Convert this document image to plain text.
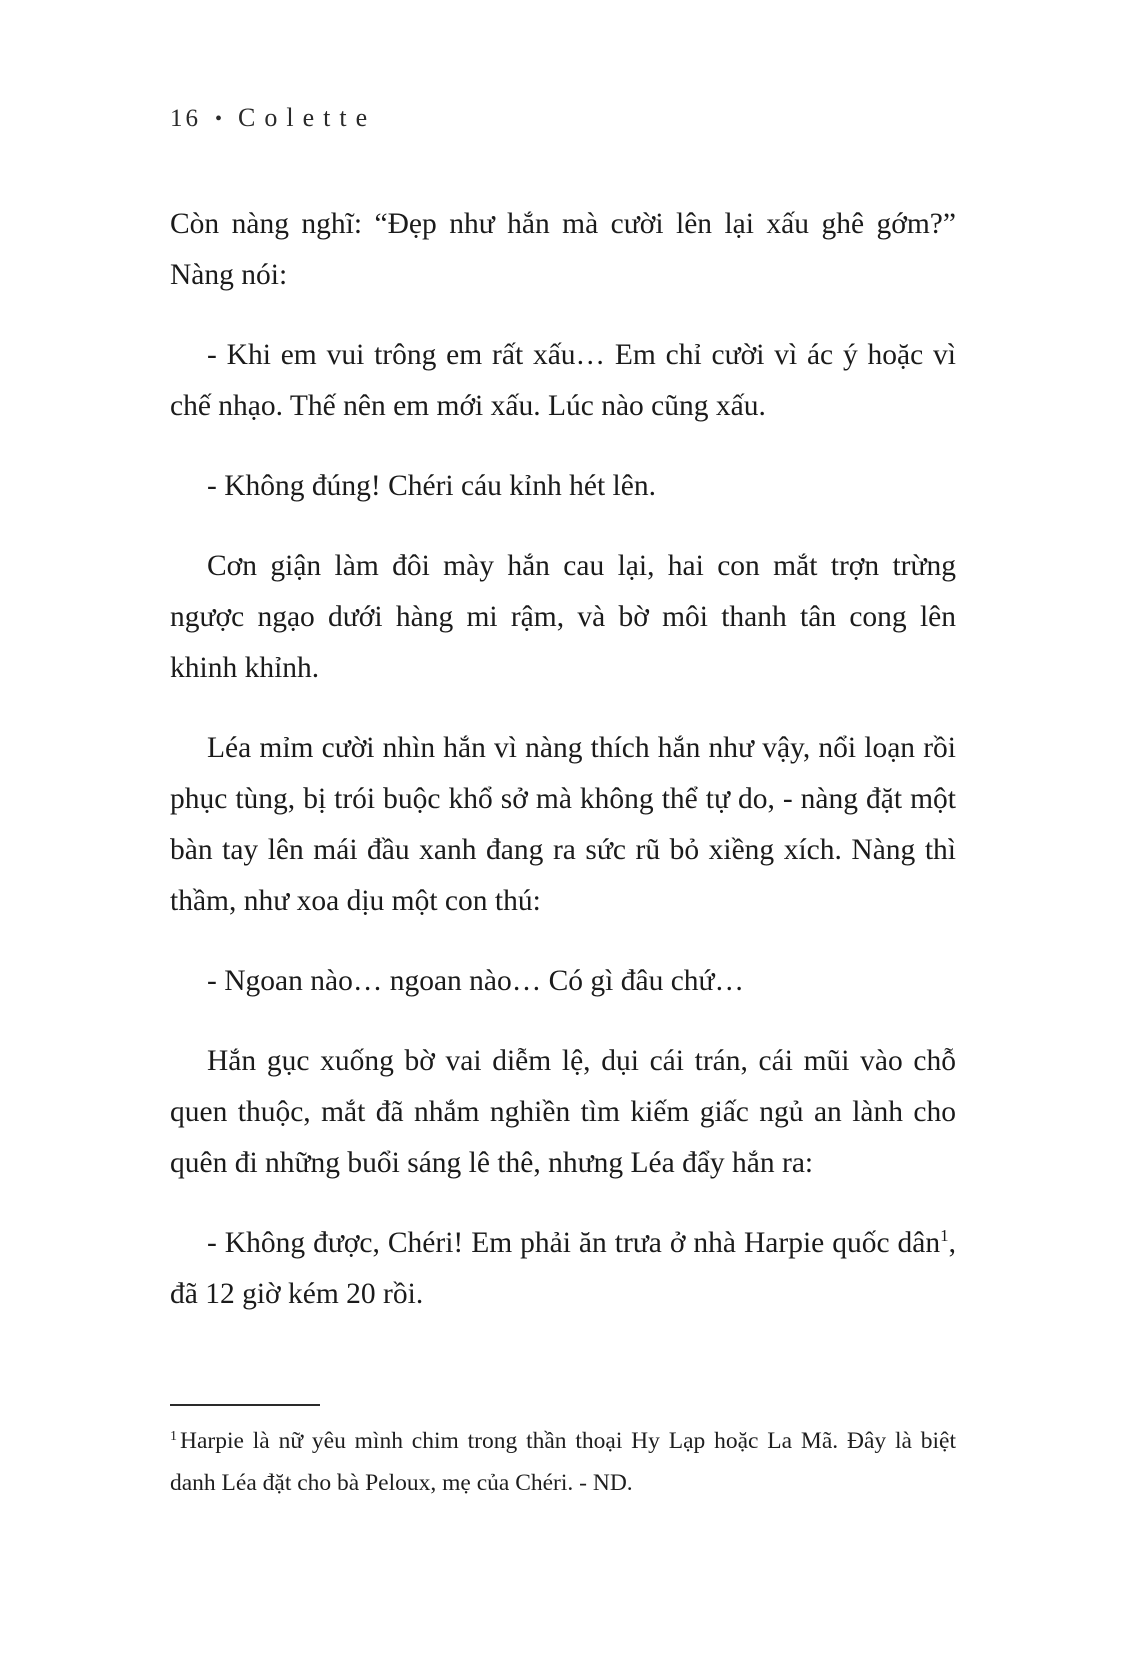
16 • Colette

Còn nàng nghĩ: “Đẹp như hắn mà cười lên lại xấu ghê gớm?” Nàng nói:

- Khi em vui trông em rất xấu… Em chỉ cười vì ác ý hoặc vì chế nhạo. Thế nên em mới xấu. Lúc nào cũng xấu.

- Không đúng! Chéri cáu kỉnh hét lên.

Cơn giận làm đôi mày hắn cau lại, hai con mắt trợn trừng ngược ngạo dưới hàng mi rậm, và bờ môi thanh tân cong lên khinh khỉnh.

Léa mỉm cười nhìn hắn vì nàng thích hắn như vậy, nổi loạn rồi phục tùng, bị trói buộc khổ sở mà không thể tự do, - nàng đặt một bàn tay lên mái đầu xanh đang ra sức rũ bỏ xiềng xích. Nàng thì thầm, như xoa dịu một con thú:

- Ngoan nào… ngoan nào… Có gì đâu chứ…

Hắn gục xuống bờ vai diễm lệ, dụi cái trán, cái mũi vào chỗ quen thuộc, mắt đã nhắm nghiền tìm kiếm giấc ngủ an lành cho quên đi những buổi sáng lê thê, nhưng Léa đẩy hắn ra:

- Không được, Chéri! Em phải ăn trưa ở nhà Harpie quốc dân$^1$, đã 12 giờ kém 20 rồi.

$^1$ Harpie là nữ yêu mình chim trong thần thoại Hy Lạp hoặc La Mã. Đây là biệt danh Léa đặt cho bà Peloux, mẹ của Chéri. - ND.
